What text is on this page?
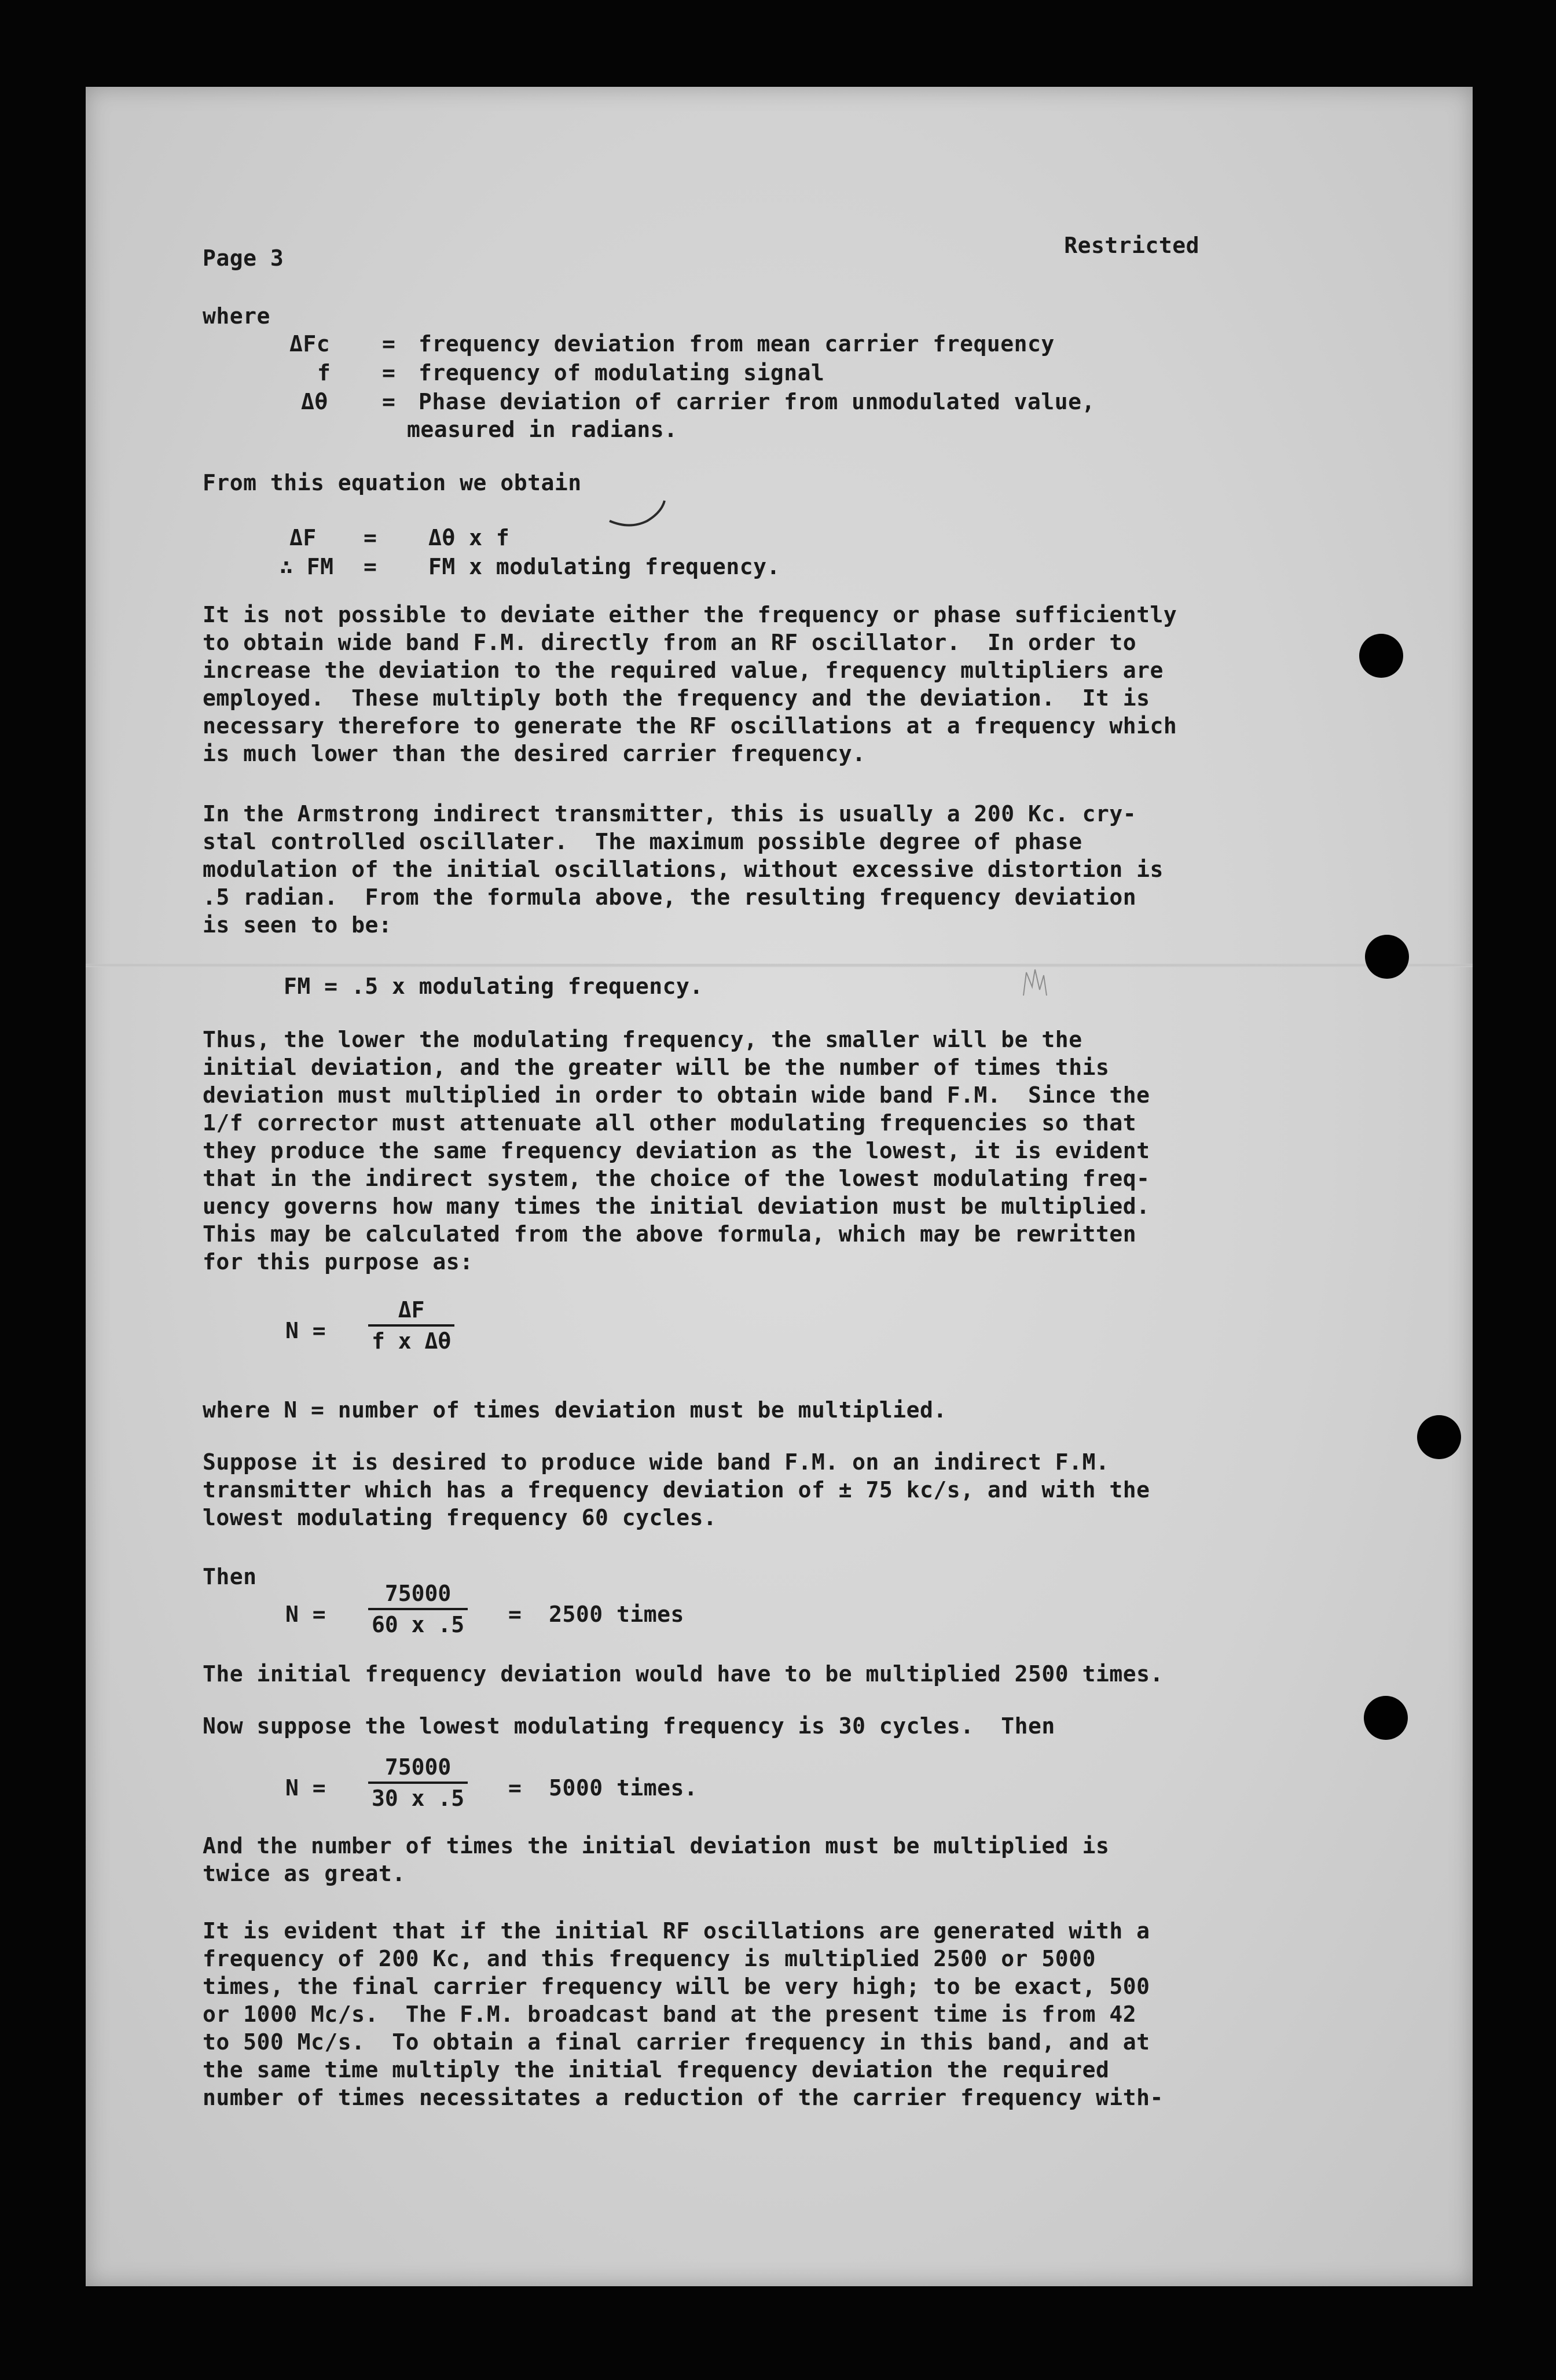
Page 3	Restricted
where
ΔFc = frequency deviation from mean carrier frequency
f = frequency of modulating signal
Δθ = Phase deviation of carrier from unmodulated value,
measured in radians.
From this equation we obtain
ΔF = Δθ x f
∴ FM = FM x modulating frequency.
It is not possible to deviate either the frequency or phase sufficiently
to obtain wide band F.M. directly from an RF oscillator.  In order to
increase the deviation to the required value, frequency multipliers are
employed.  These multiply both the frequency and the deviation.  It is
necessary therefore to generate the RF oscillations at a frequency which
is much lower than the desired carrier frequency.
In the Armstrong indirect transmitter, this is usually a 200 Kc. cry-
stal controlled oscillater.  The maximum possible degree of phase
modulation of the initial oscillations, without excessive distortion is
.5 radian.  From the formula above, the resulting frequency deviation
is seen to be:
FM = .5 x modulating frequency.
Thus, the lower the modulating frequency, the smaller will be the
initial deviation, and the greater will be the number of times this
deviation must multiplied in order to obtain wide band F.M.  Since the
1/f corrector must attenuate all other modulating frequencies so that
they produce the same frequency deviation as the lowest, it is evident
that in the indirect system, the choice of the lowest modulating freq-
uency governs how many times the initial deviation must be multiplied.
This may be calculated from the above formula, which may be rewritten
for this purpose as:
N =
ΔF
f x Δθ
where N = number of times deviation must be multiplied.
Suppose it is desired to produce wide band F.M. on an indirect F.M.
transmitter which has a frequency deviation of ± 75 kc/s, and with the
lowest modulating frequency 60 cycles.
Then
N =
75000
60 x .5 =  2500 times
The initial frequency deviation would have to be multiplied 2500 times.
Now suppose the lowest modulating frequency is 30 cycles.  Then
N =
75000
30 x .5 =  5000 times.
And the number of times the initial deviation must be multiplied is
twice as great.
It is evident that if the initial RF oscillations are generated with a
frequency of 200 Kc, and this frequency is multiplied 2500 or 5000
times, the final carrier frequency will be very high; to be exact, 500
or 1000 Mc/s.  The F.M. broadcast band at the present time is from 42
to 500 Mc/s.  To obtain a final carrier frequency in this band, and at
the same time multiply the initial frequency deviation the required
number of times necessitates a reduction of the carrier frequency with-
